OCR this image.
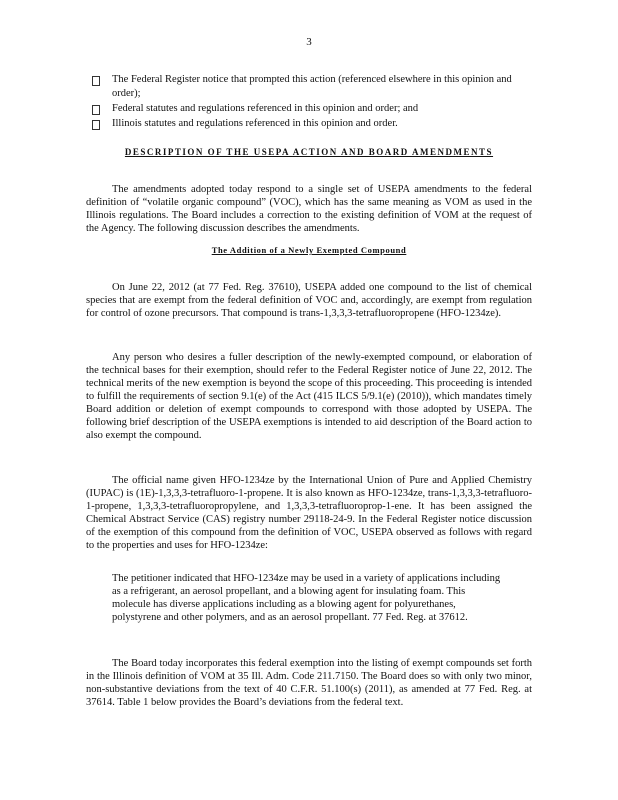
3
The Federal Register notice that prompted this action (referenced elsewhere in this opinion and order);
Federal statutes and regulations referenced in this opinion and order; and
Illinois statutes and regulations referenced in this opinion and order.
DESCRIPTION OF THE USEPA ACTION AND BOARD AMENDMENTS

The amendments adopted today respond to a single set of USEPA amendments to the federal definition of “volatile organic compound” (VOC), which has the same meaning as VOM as used in the Illinois regulations. The Board includes a correction to the existing definition of VOM at the request of the Agency. The following discussion describes the amendments.

The Addition of a Newly Exempted Compound

On June 22, 2012 (at 77 Fed. Reg. 37610), USEPA added one compound to the list of chemical species that are exempt from the federal definition of VOC and, accordingly, are exempt from regulation for control of ozone precursors. That compound is trans-1,3,3,3-tetrafluoropropene (HFO-1234ze).

Any person who desires a fuller description of the newly-exempted compound, or elaboration of the technical bases for their exemption, should refer to the Federal Register notice of June 22, 2012. The technical merits of the new exemption is beyond the scope of this proceeding. This proceeding is intended to fulfill the requirements of section 9.1(e) of the Act (415 ILCS 5/9.1(e) (2010)), which mandates timely Board addition or deletion of exempt compounds to correspond with those adopted by USEPA. The following brief description of the USEPA exemptions is intended to aid description of the Board action to also exempt the compound.

The official name given HFO-1234ze by the International Union of Pure and Applied Chemistry (IUPAC) is (1E)-1,3,3,3-tetrafluoro-1-propene. It is also known as HFO-1234ze, trans-1,3,3,3-tetrafluoro-1-propene, 1,3,3,3-tetrafluoropropylene, and 1,3,3,3-tetrafluoroprop-1-ene. It has been assigned the Chemical Abstract Service (CAS) registry number 29118-24-9. In the Federal Register notice discussion of the exemption of this compound from the definition of VOC, USEPA observed as follows with regard to the properties and uses for HFO-1234ze:

The petitioner indicated that HFO-1234ze may be used in a variety of applications including as a refrigerant, an aerosol propellant, and a blowing agent for insulating foam. This molecule has diverse applications including as a blowing agent for polyurethanes, polystyrene and other polymers, and as an aerosol propellant. 77 Fed. Reg. at 37612.

The Board today incorporates this federal exemption into the listing of exempt compounds set forth in the Illinois definition of VOM at 35 Ill. Adm. Code 211.7150. The Board does so with only two minor, non-substantive deviations from the text of 40 C.F.R. 51.100(s) (2011), as amended at 77 Fed. Reg. at 37614. Table 1 below provides the Board’s deviations from the federal text.
